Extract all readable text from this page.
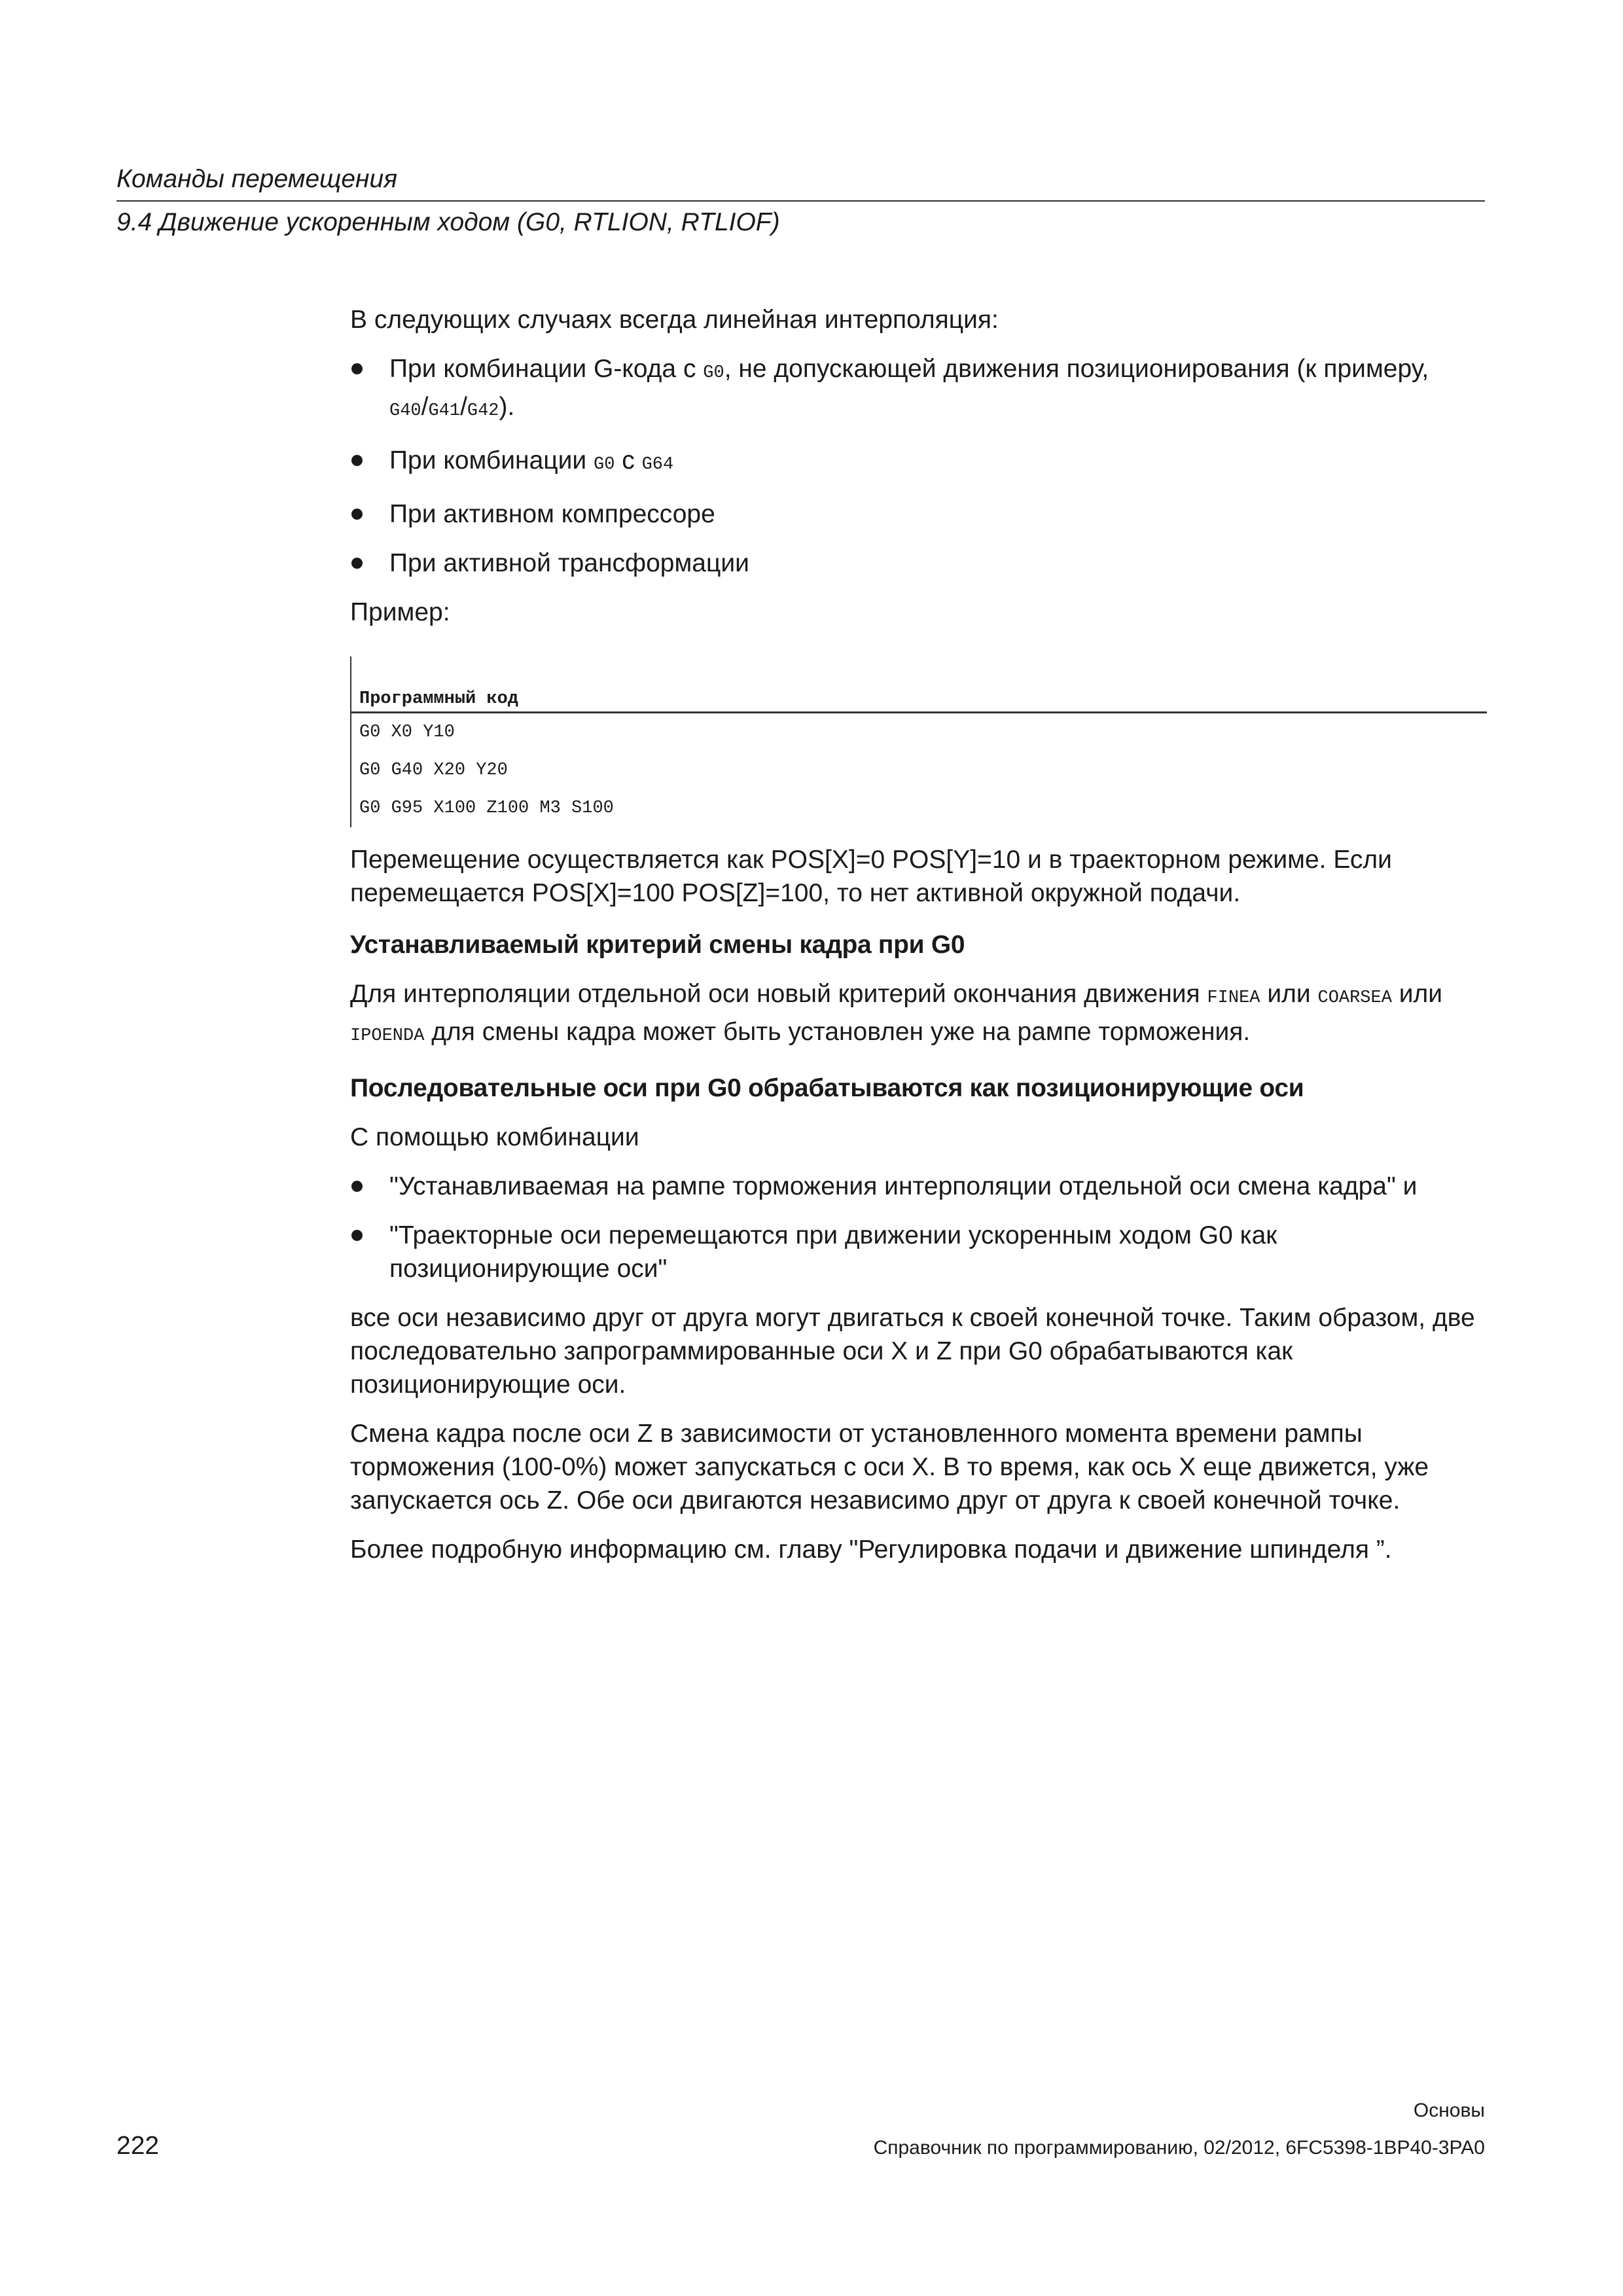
Команды перемещения
9.4 Движение ускоренным ходом (G0, RTLION, RTLIOF)

В следующих случаях всегда линейная интерполяция:

При комбинации G-кода с G0, не допускающей движения позиционирования (к примеру, G40/G41/G42).
При комбинации G0 с G64
При активном компрессоре
При активной трансформации

Пример:

Программный код
G0 X0 Y10
G0 G40 X20 Y20
G0 G95 X100 Z100 M3 S100

Перемещение осуществляется как POS[X]=0 POS[Y]=10 и в траекторном режиме. Если перемещается POS[X]=100 POS[Z]=100, то нет активной окружной подачи.

Устанавливаемый критерий смены кадра при G0

Для интерполяции отдельной оси новый критерий окончания движения FINEA или COARSEA или IPOENDA для смены кадра может быть установлен уже на рампе торможения.

Последовательные оси при G0 обрабатываются как позиционирующие оси

С помощью комбинации

"Устанавливаемая на рампе торможения интерполяции отдельной оси смена кадра" и
"Траекторные оси перемещаются при движении ускоренным ходом G0 как позиционирующие оси"

все оси независимо друг от друга могут двигаться к своей конечной точке. Таким образом, две последовательно запрограммированные оси X и Z при G0 обрабатываются как позиционирующие оси.

Смена кадра после оси Z в зависимости от установленного момента времени рампы торможения (100-0%) может запускаться с оси X. В то время, как ось X еще движется, уже запускается ось Z. Обе оси двигаются независимо друг от друга к своей конечной точке.

Более подробную информацию см. главу "Регулировка подачи и движение шпинделя ”.

Основы
222	Справочник по программированию, 02/2012, 6FC5398-1BP40-3PA0
